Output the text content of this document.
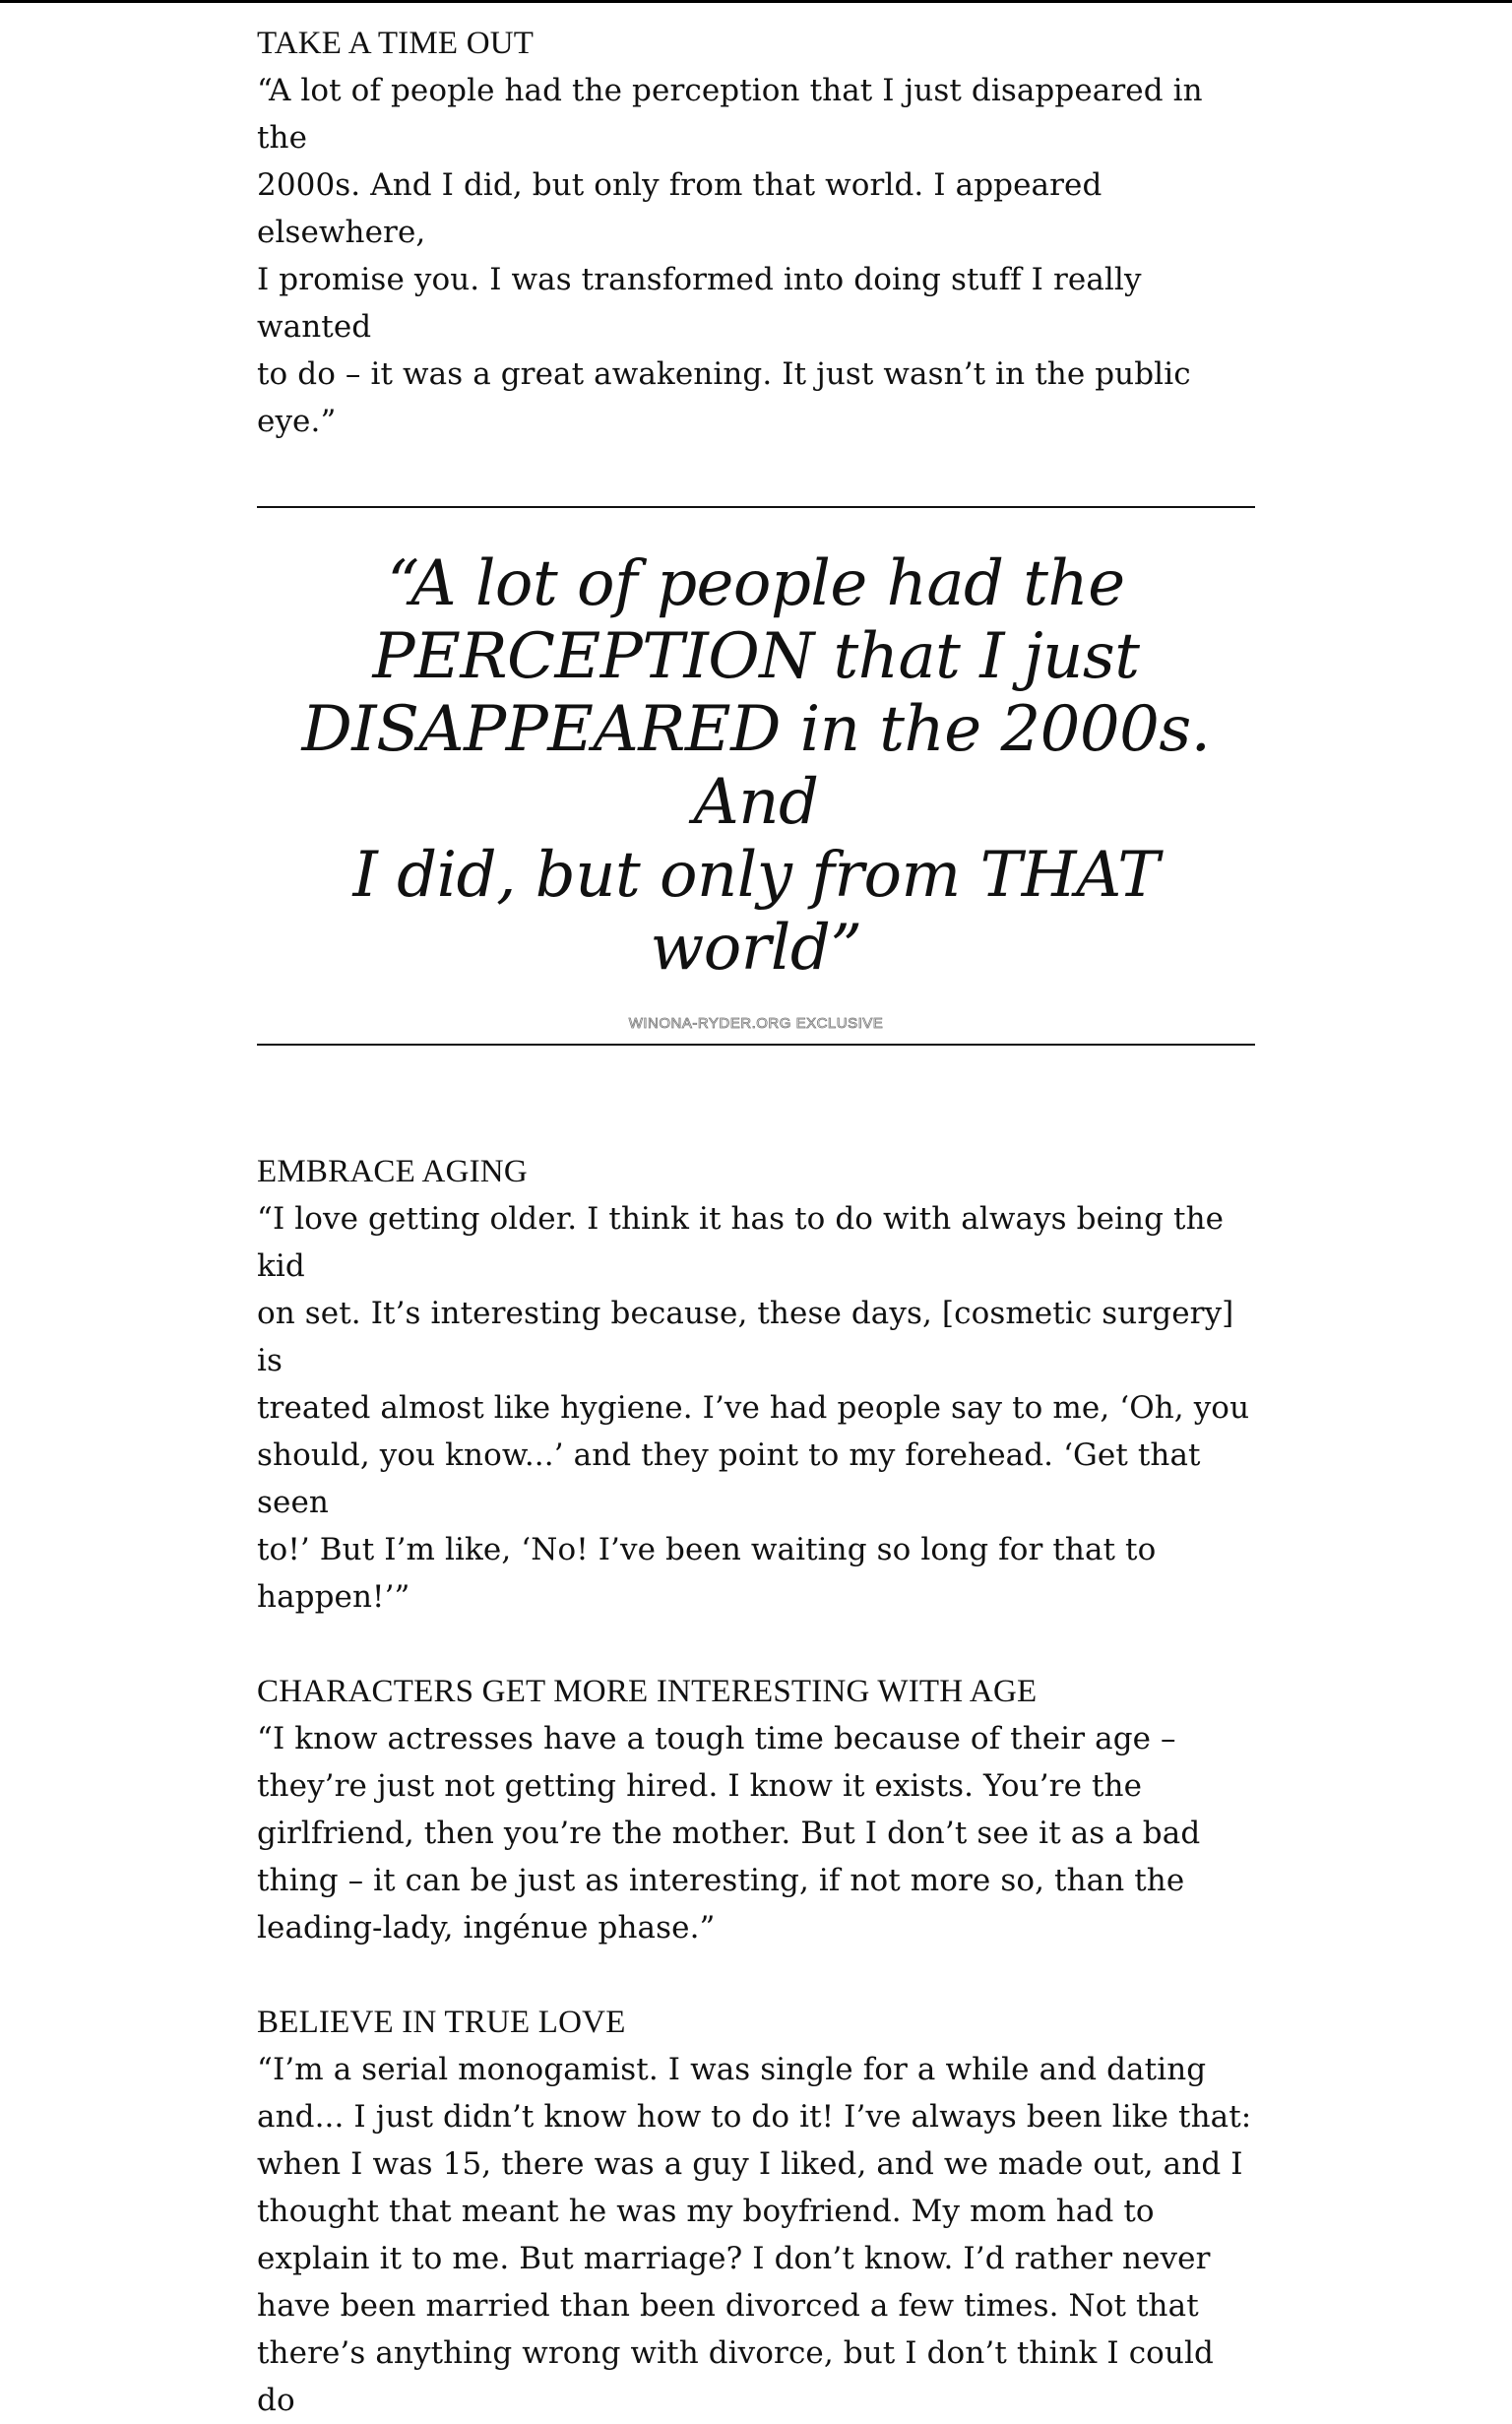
TAKE A TIME OUT
“A lot of people had the perception that I just disappeared in the
2000s. And I did, but only from that world. I appeared elsewhere,
I promise you. I was transformed into doing stuff I really wanted
to do – it was a great awakening. It just wasn’t in the public eye.”
“A lot of people had the
PERCEPTION that I just
DISAPPEARED in the 2000s. And
I did, but only from THAT world”
WINONA-RYDER.ORG EXCLUSIVE
EMBRACE AGING
“I love getting older. I think it has to do with always being the kid
on set. It’s interesting because, these days, [cosmetic surgery] is
treated almost like hygiene. I’ve had people say to me, ‘Oh, you
should, you know...’ and they point to my forehead. ‘Get that seen
to!’ But I’m like, ‘No! I’ve been waiting so long for that to
happen!’”
CHARACTERS GET MORE INTERESTING WITH AGE
“I know actresses have a tough time because of their age –
they’re just not getting hired. I know it exists. You’re the
girlfriend, then you’re the mother. But I don’t see it as a bad
thing – it can be just as interesting, if not more so, than the
leading-lady, ingénue phase.”
BELIEVE IN TRUE LOVE
“I’m a serial monogamist. I was single for a while and dating
and... I just didn’t know how to do it! I’ve always been like that:
when I was 15, there was a guy I liked, and we made out, and I
thought that meant he was my boyfriend. My mom had to
explain it to me. But marriage? I don’t know. I’d rather never
have been married than been divorced a few times. Not that
there’s anything wrong with divorce, but I don’t think I could do
